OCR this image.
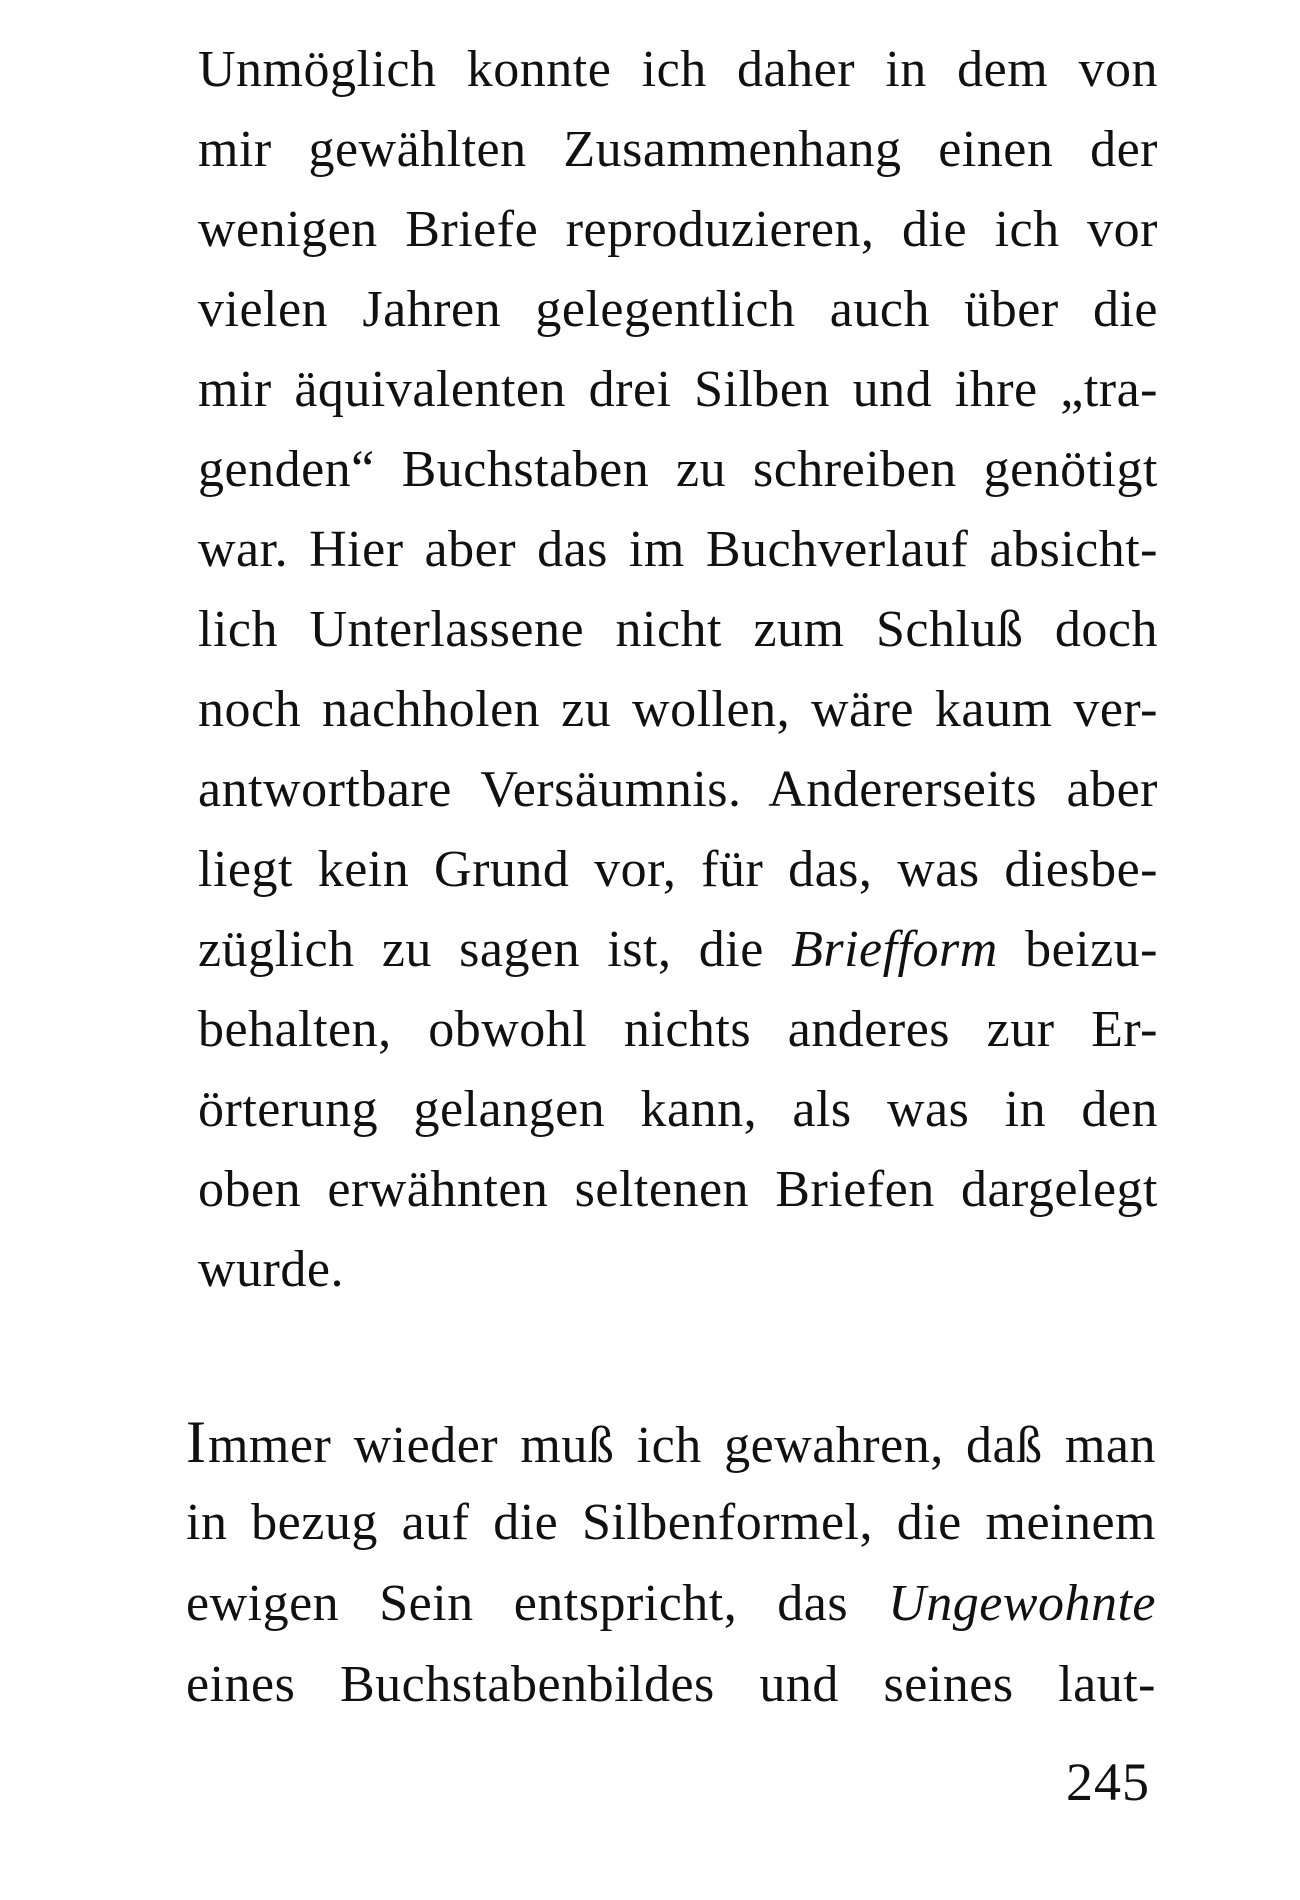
Unmöglich konnte ich daher in dem von
mir gewählten Zusammenhang einen der
wenigen Briefe reproduzieren, die ich vor
vielen Jahren gelegentlich auch über die
mir äquivalenten drei Silben und ihre „tra-
genden“ Buchstaben zu schreiben genötigt
war. Hier aber das im Buchverlauf absicht-
lich Unterlassene nicht zum Schluß doch
noch nachholen zu wollen, wäre kaum ver-
antwortbare Versäumnis. Andererseits aber
liegt kein Grund vor, für das, was diesbe-
züglich zu sagen ist, die Briefform beizu-
behalten, obwohl nichts anderes zur Er-
örterung gelangen kann, als was in den
oben erwähnten seltenen Briefen dargelegt
wurde.
Immer wieder muß ich gewahren, daß man
in bezug auf die Silbenformel, die meinem
ewigen Sein entspricht, das Ungewohnte
eines Buchstabenbildes und seines laut-
245
